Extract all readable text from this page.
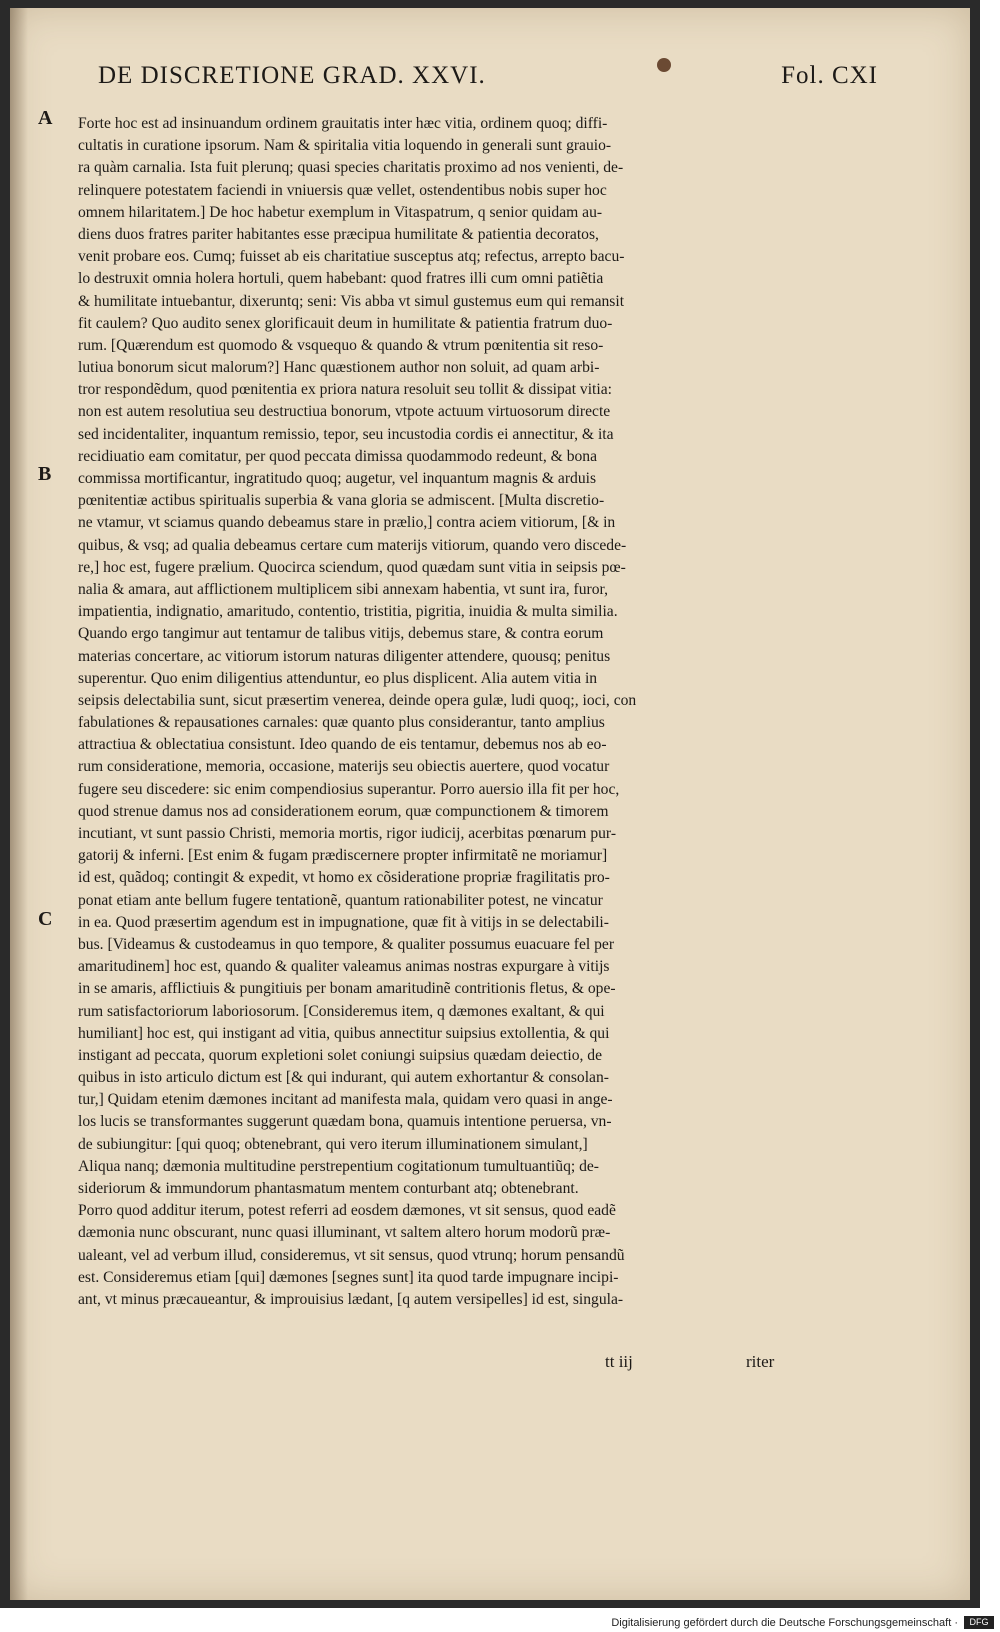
DE DISCRETIONE GRAD. XXVI.	Fol. CXI
A
B
C
Forte hoc est ad insinuandum ordinem grauitatis inter hæc vitia, ordinem quoq; diffi-
cultatis in curatione ipsorum. Nam & spiritalia vitia loquendo in generali sunt grauio-
ra quàm carnalia. Ista fuit plerunq; quasi species charitatis proximo ad nos venienti, de-
relinquere potestatem faciendi in vniuersis quæ vellet, ostendentibus nobis super hoc
omnem hilaritatem.] De hoc habetur exemplum in Vitaspatrum, q senior quidam au-
diens duos fratres pariter habitantes esse præcipua humilitate & patientia decoratos,
venit probare eos. Cumq; fuisset ab eis charitatiue susceptus atq; refectus, arrepto bacu-
lo destruxit omnia holera hortuli, quem habebant: quod fratres illi cum omni patiẽtia
& humilitate intuebantur, dixeruntq; seni: Vis abba vt simul gustemus eum qui remansit
fit caulem? Quo audito senex glorificauit deum in humilitate & patientia fratrum duo-
rum. [Quærendum est quomodo & vsquequo & quando & vtrum pœnitentia sit reso-
lutiua bonorum sicut malorum?] Hanc quæstionem author non soluit, ad quam arbi-
tror respondẽdum, quod pœnitentia ex priora natura resoluit seu tollit & dissipat vitia:
non est autem resolutiua seu destructiua bonorum, vtpote actuum virtuosorum directe
sed incidentaliter, inquantum remissio, tepor, seu incustodia cordis ei annectitur, & ita
recidiuatio eam comitatur, per quod peccata dimissa quodammodo redeunt, & bona
commissa mortificantur, ingratitudo quoq; augetur, vel inquantum magnis & arduis
pœnitentiæ actibus spiritualis superbia & vana gloria se admiscent. [Multa discretio-
ne vtamur, vt sciamus quando debeamus stare in prælio,] contra aciem vitiorum, [& in
quibus, & vsq; ad qualia debeamus certare cum materijs vitiorum, quando vero discede-
re,] hoc est, fugere prælium. Quocirca sciendum, quod quædam sunt vitia in seipsis pœ-
nalia & amara, aut afflictionem multiplicem sibi annexam habentia, vt sunt ira, furor,
impatientia, indignatio, amaritudo, contentio, tristitia, pigritia, inuidia & multa similia.
Quando ergo tangimur aut tentamur de talibus vitijs, debemus stare, & contra eorum
materias concertare, ac vitiorum istorum naturas diligenter attendere, quousq; penitus
superentur. Quo enim diligentius attenduntur, eo plus displicent. Alia autem vitia in
seipsis delectabilia sunt, sicut præsertim venerea, deinde opera gulæ, ludi quoq;, ioci, con
fabulationes & repausationes carnales: quæ quanto plus considerantur, tanto amplius
attractiua & oblectatiua consistunt. Ideo quando de eis tentamur, debemus nos ab eo-
rum consideratione, memoria, occasione, materijs seu obiectis auertere, quod vocatur
fugere seu discedere: sic enim compendiosius superantur. Porro auersio illa fit per hoc,
quod strenue damus nos ad considerationem eorum, quæ compunctionem & timorem
incutiant, vt sunt passio Christi, memoria mortis, rigor iudicij, acerbitas pœnarum pur-
gatorij & inferni. [Est enim & fugam prædiscernere propter infirmitatẽ ne moriamur]
id est, quãdoq; contingit & expedit, vt homo ex cõsideratione propriæ fragilitatis pro-
ponat etiam ante bellum fugere tentationẽ, quantum rationabiliter potest, ne vincatur
in ea. Quod præsertim agendum est in impugnatione, quæ fit à vitijs in se delectabili-
bus. [Videamus & custodeamus in quo tempore, & qualiter possumus euacuare fel per
amaritudinem] hoc est, quando & qualiter valeamus animas nostras expurgare à vitijs
in se amaris, afflictiuis & pungitiuis per bonam amaritudinẽ contritionis fletus, & ope-
rum satisfactoriorum laboriosorum. [Consideremus item, q dæmones exaltant, & qui
humiliant] hoc est, qui instigant ad vitia, quibus annectitur suipsius extollentia, & qui
instigant ad peccata, quorum expletioni solet coniungi suipsius quædam deiectio, de
quibus in isto articulo dictum est [& qui indurant, qui autem exhortantur & consolan-
tur,] Quidam etenim dæmones incitant ad manifesta mala, quidam vero quasi in ange-
los lucis se transformantes suggerunt quædam bona, quamuis intentione peruersa, vn-
de subiungitur: [qui quoq; obtenebrant, qui vero iterum illuminationem simulant,]
Aliqua nanq; dæmonia multitudine perstrepentium cogitationum tumultuantiũq; de-
sideriorum & immundorum phantasmatum mentem conturbant atq; obtenebrant.
Porro quod additur iterum, potest referri ad eosdem dæmones, vt sit sensus, quod eadẽ
dæmonia nunc obscurant, nunc quasi illuminant, vt saltem altero horum modorũ præ-
ualeant, vel ad verbum illud, consideremus, vt sit sensus, quod vtrunq; horum pensandũ
est. Consideremus etiam [qui] dæmones [segnes sunt] ita quod tarde impugnare incipi-
ant, vt minus præcaueantur, & improuisius lædant, [q autem versipelles] id est, singula-
tt iij	riter
Digitalisierung gefördert durch die Deutsche Forschungsgemeinschaft ·	DFG
